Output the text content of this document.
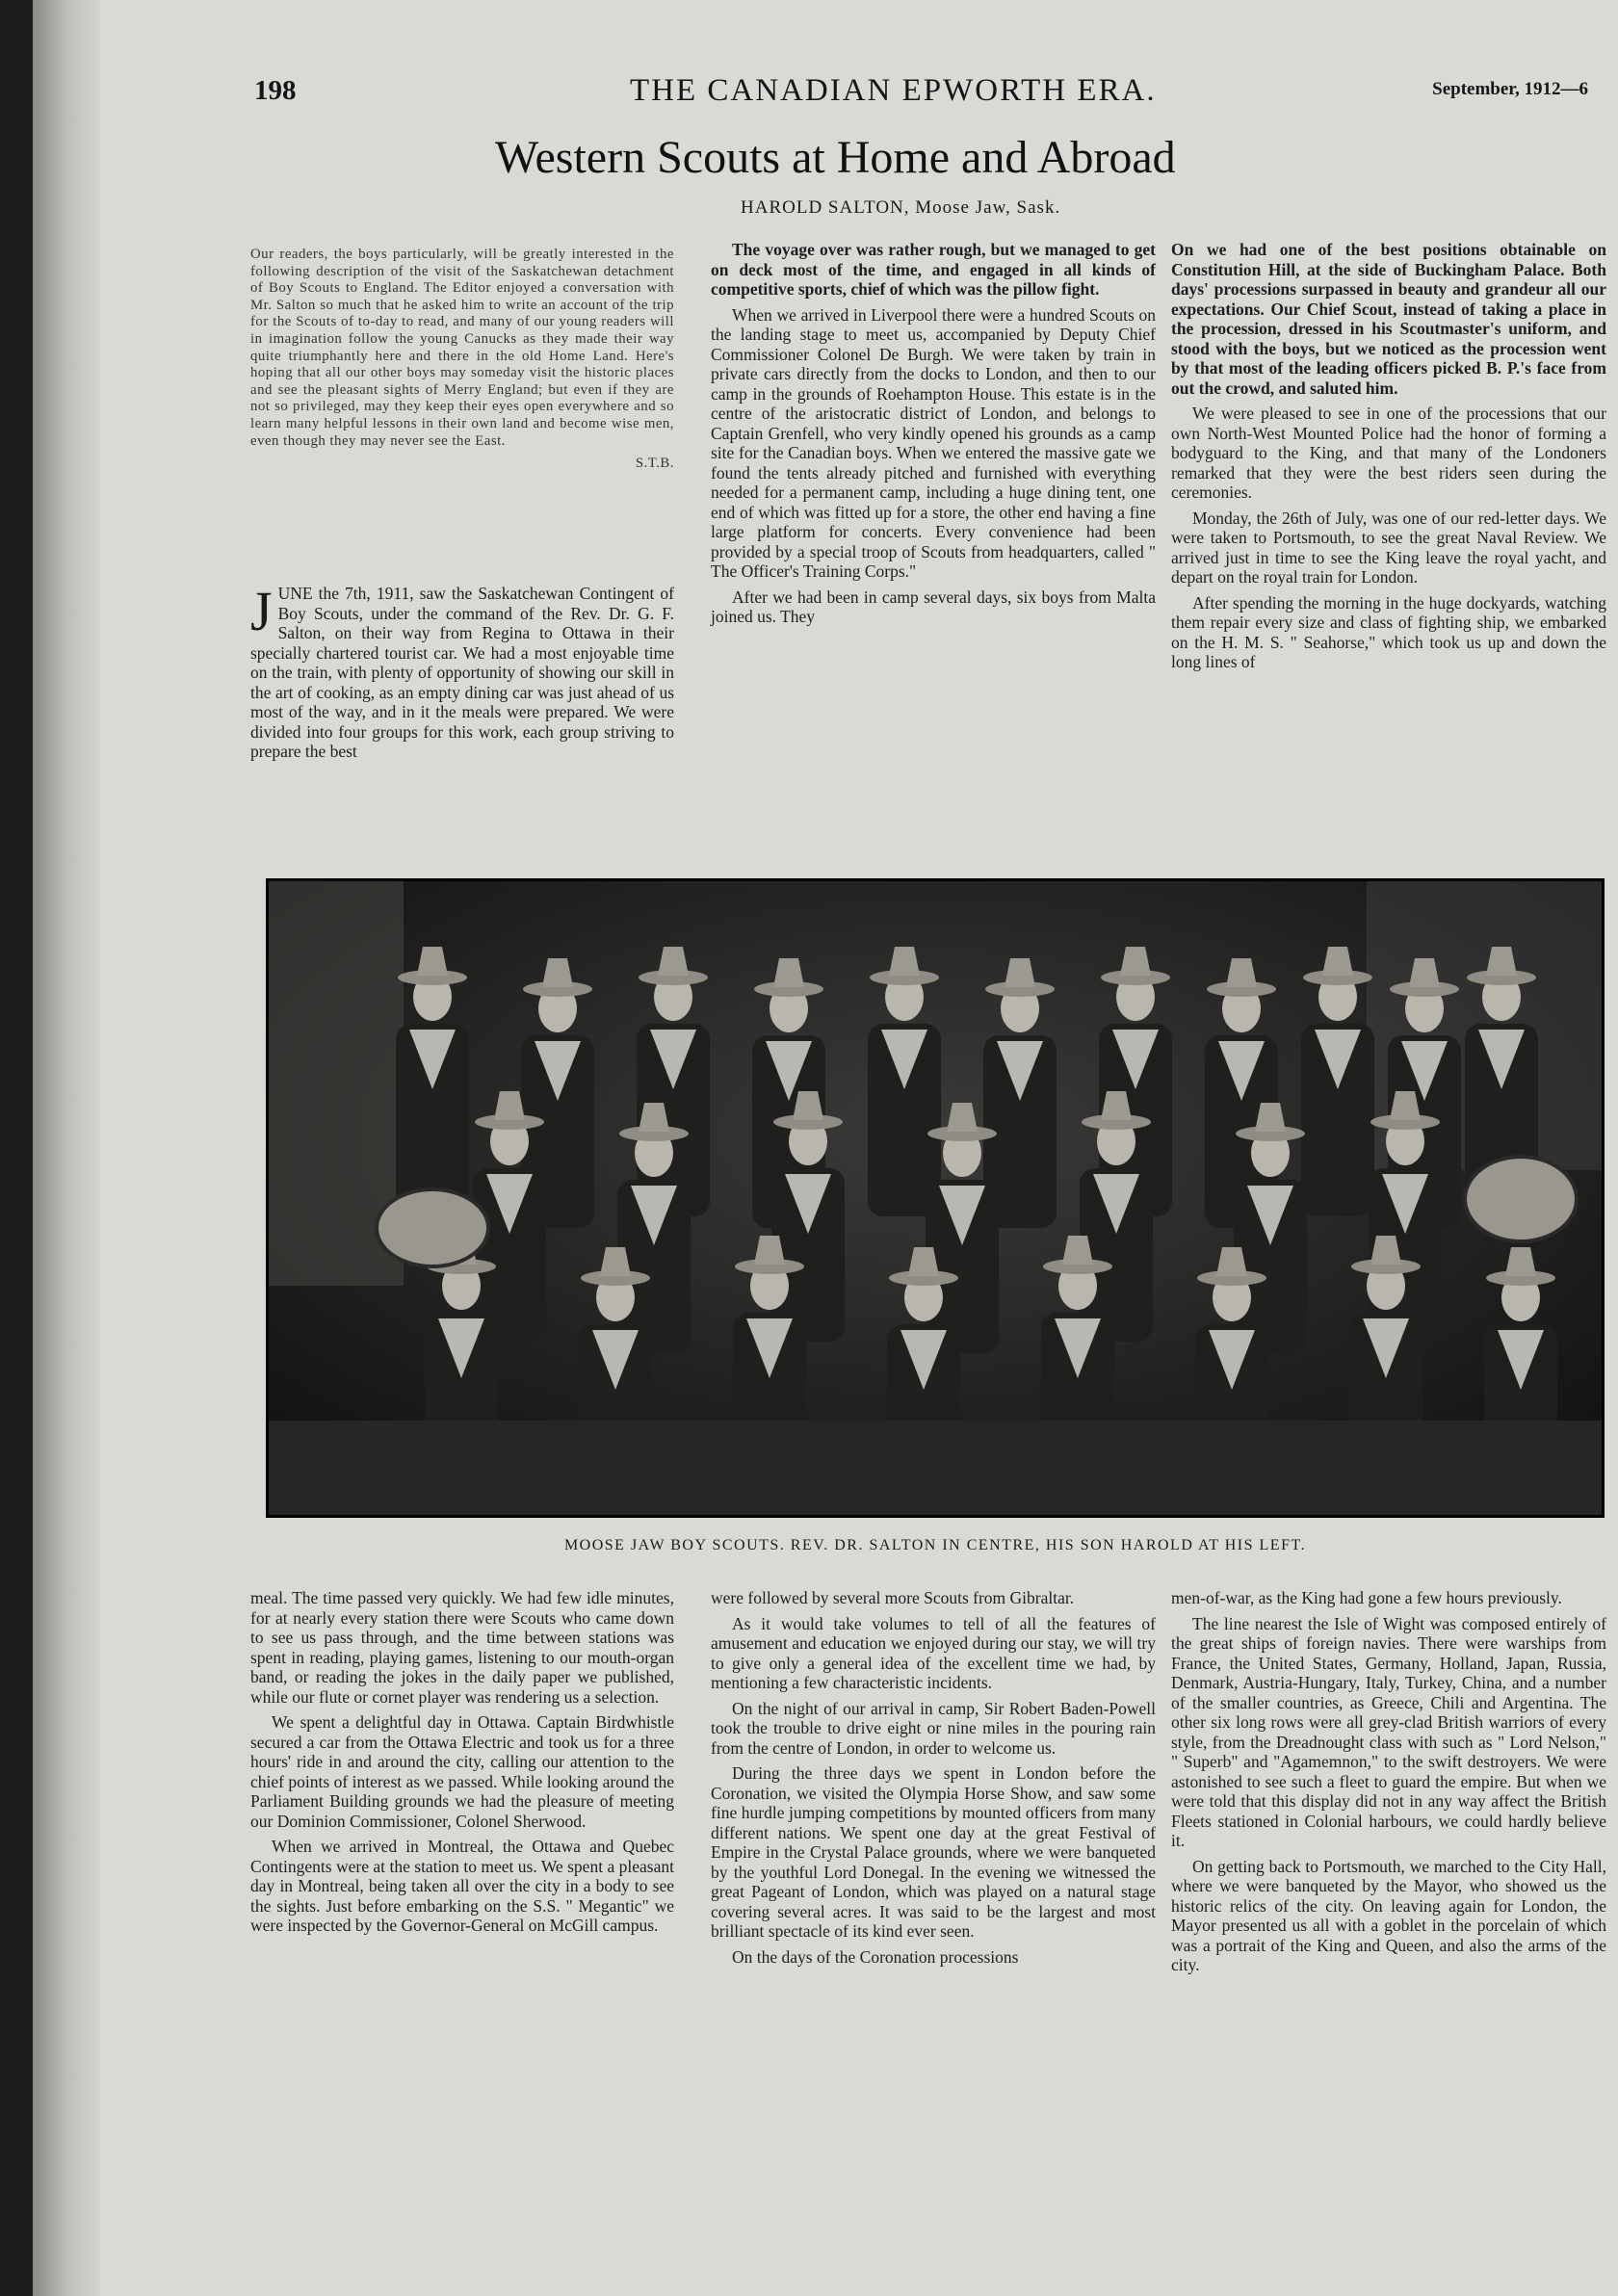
198	THE CANADIAN EPWORTH ERA.	September, 1912—6
Western Scouts at Home and Abroad
HAROLD SALTON, Moose Jaw, Sask.

Our readers, the boys particularly, will be greatly interested in the following description of the visit of the Saskatchewan detachment of Boy Scouts to England. The Editor enjoyed a conversation with Mr. Salton so much that he asked him to write an account of the trip for the Scouts of to-day to read, and many of our young readers will in imagination follow the young Canucks as they made their way quite triumphantly here and there in the old Home Land. Here's hoping that all our other boys may someday visit the historic places and see the pleasant sights of Merry England; but even if they are not so privileged, may they keep their eyes open everywhere and so learn many helpful lessons in their own land and become wise men, even though they may never see the East.

S.T.B.

JUNE the 7th, 1911, saw the Saskatchewan Contingent of Boy Scouts, under the command of the Rev. Dr. G. F. Salton, on their way from Regina to Ottawa in their specially chartered tourist car. We had a most enjoyable time on the train, with plenty of opportunity of showing our skill in the art of cooking, as an empty dining car was just ahead of us most of the way, and in it the meals were prepared. We were divided into four groups for this work, each group striving to prepare the best

The voyage over was rather rough, but we managed to get on deck most of the time, and engaged in all kinds of competitive sports, chief of which was the pillow fight.

When we arrived in Liverpool there were a hundred Scouts on the landing stage to meet us, accompanied by Deputy Chief Commissioner Colonel De Burgh. We were taken by train in private cars directly from the docks to London, and then to our camp in the grounds of Roehampton House. This estate is in the centre of the aristocratic district of London, and belongs to Captain Grenfell, who very kindly opened his grounds as a camp site for the Canadian boys. When we entered the massive gate we found the tents already pitched and furnished with everything needed for a permanent camp, including a huge dining tent, one end of which was fitted up for a store, the other end having a fine large platform for concerts. Every convenience had been provided by a special troop of Scouts from headquarters, called " The Officer's Training Corps."

After we had been in camp several days, six boys from Malta joined us. They

On we had one of the best positions obtainable on Constitution Hill, at the side of Buckingham Palace. Both days' processions surpassed in beauty and grandeur all our expectations. Our Chief Scout, instead of taking a place in the procession, dressed in his Scoutmaster's uniform, and stood with the boys, but we noticed as the procession went by that most of the leading officers picked B. P.'s face from out the crowd, and saluted him.

We were pleased to see in one of the processions that our own North-West Mounted Police had the honor of forming a bodyguard to the King, and that many of the Londoners remarked that they were the best riders seen during the ceremonies.

Monday, the 26th of July, was one of our red-letter days. We were taken to Portsmouth, to see the great Naval Review. We arrived just in time to see the King leave the royal yacht, and depart on the royal train for London.

After spending the morning in the huge dockyards, watching them repair every size and class of fighting ship, we embarked on the H. M. S. " Seahorse," which took us up and down the long lines of

MOOSE JAW BOY SCOUTS. REV. DR. SALTON IN CENTRE, HIS SON HAROLD AT HIS LEFT.

meal. The time passed very quickly. We had few idle minutes, for at nearly every station there were Scouts who came down to see us pass through, and the time between stations was spent in reading, playing games, listening to our mouth-organ band, or reading the jokes in the daily paper we published, while our flute or cornet player was rendering us a selection.

We spent a delightful day in Ottawa. Captain Birdwhistle secured a car from the Ottawa Electric and took us for a three hours' ride in and around the city, calling our attention to the chief points of interest as we passed. While looking around the Parliament Building grounds we had the pleasure of meeting our Dominion Commissioner, Colonel Sherwood.

When we arrived in Montreal, the Ottawa and Quebec Contingents were at the station to meet us. We spent a pleasant day in Montreal, being taken all over the city in a body to see the sights. Just before embarking on the S.S. " Megantic" we were inspected by the Governor-General on McGill campus.

were followed by several more Scouts from Gibraltar.

As it would take volumes to tell of all the features of amusement and education we enjoyed during our stay, we will try to give only a general idea of the excellent time we had, by mentioning a few characteristic incidents.

On the night of our arrival in camp, Sir Robert Baden-Powell took the trouble to drive eight or nine miles in the pouring rain from the centre of London, in order to welcome us.

During the three days we spent in London before the Coronation, we visited the Olympia Horse Show, and saw some fine hurdle jumping competitions by mounted officers from many different nations. We spent one day at the great Festival of Empire in the Crystal Palace grounds, where we were banqueted by the youthful Lord Donegal. In the evening we witnessed the great Pageant of London, which was played on a natural stage covering several acres. It was said to be the largest and most brilliant spectacle of its kind ever seen.

On the days of the Coronation processions

men-of-war, as the King had gone a few hours previously.

The line nearest the Isle of Wight was composed entirely of the great ships of foreign navies. There were warships from France, the United States, Germany, Holland, Japan, Russia, Denmark, Austria-Hungary, Italy, Turkey, China, and a number of the smaller countries, as Greece, Chili and Argentina. The other six long rows were all grey-clad British warriors of every style, from the Dreadnought class with such as " Lord Nelson," " Superb" and "Agamemnon," to the swift destroyers. We were astonished to see such a fleet to guard the empire. But when we were told that this display did not in any way affect the British Fleets stationed in Colonial harbours, we could hardly believe it.

On getting back to Portsmouth, we marched to the City Hall, where we were banqueted by the Mayor, who showed us the historic relics of the city. On leaving again for London, the Mayor presented us all with a goblet in the porcelain of which was a portrait of the King and Queen, and also the arms of the city.
